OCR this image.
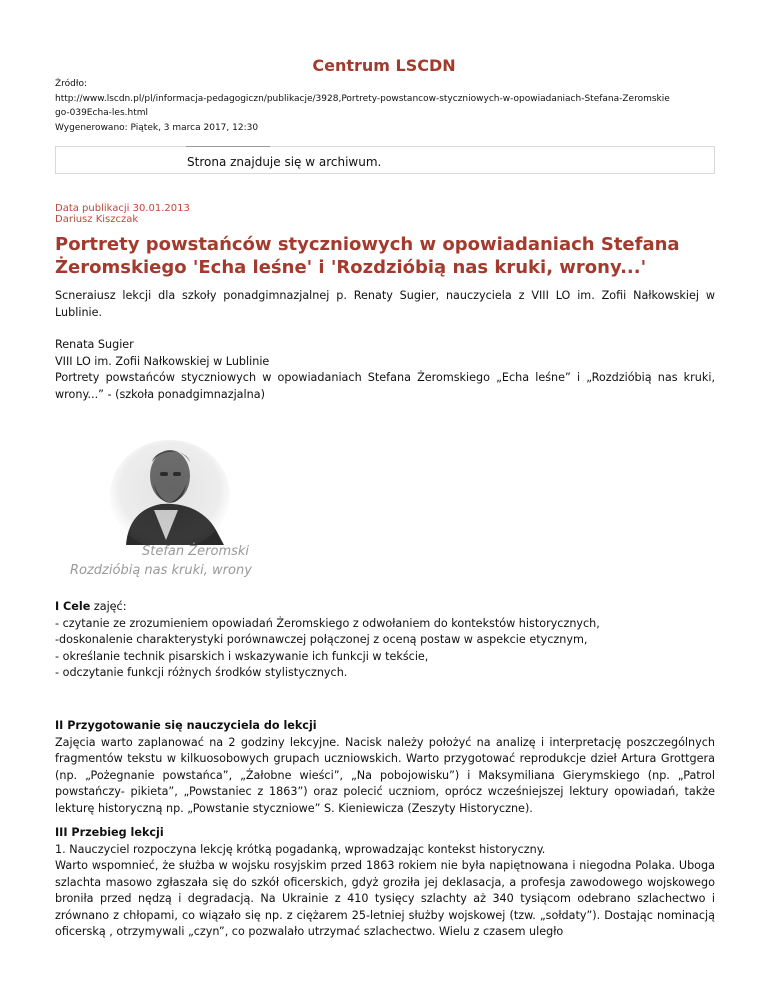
Centrum LSCDN
Źródło:
http://www.lscdn.pl/pl/informacja-pedagogiczn/publikacje/3928,Portrety-powstancow-styczniowych-w-opowiadaniach-Stefana-Zeromskie
go-039Echa-les.html
Wygenerowano: Piątek, 3 marca 2017, 12:30
Strona znajduje się w archiwum.
Data publikacji 30.01.2013
Dariusz Kiszczak
Portrety powstańców styczniowych w opowiadaniach Stefana Żeromskiego 'Echa leśne' i 'Rozdzióbią nas kruki, wrony...'
Scneraiusz lekcji dla szkoły ponadgimnazjalnej p. Renaty Sugier, nauczyciela z VIII LO im. Zofii Nałkowskiej w Lublinie.
Renata Sugier
VIII LO im. Zofii Nałkowskiej w Lublinie
Portrety powstańców styczniowych w opowiadaniach Stefana Żeromskiego „Echa leśne” i „Rozdzióbią nas kruki, wrony...” - (szkoła ponadgimnazjalna)
Stefan Żeromski
Rozdzióbią nas kruki, wrony
I Cele zajęć:
- czytanie ze zrozumieniem opowiadań Żeromskiego z odwołaniem do kontekstów historycznych,
-doskonalenie charakterystyki porównawczej połączonej z oceną postaw w aspekcie etycznym,
- określanie technik pisarskich i wskazywanie ich funkcji w tekście,
- odczytanie funkcji różnych środków stylistycznych.
II Przygotowanie się nauczyciela do lekcji
Zajęcia warto zaplanować na 2 godziny lekcyjne. Nacisk należy położyć na analizę i interpretację poszczególnych fragmentów tekstu w kilkuosobowych grupach uczniowskich. Warto przygotować reprodukcje dzieł Artura Grottgera (np. „Pożegnanie powstańca”, „Żałobne wieści”, „Na pobojowisku”) i Maksymiliana Gierymskiego (np. „Patrol powstańczy- pikieta”, „Powstaniec z 1863”) oraz polecić uczniom, oprócz wcześniejszej lektury opowiadań, także lekturę historyczną np. „Powstanie styczniowe” S. Kieniewicza (Zeszyty Historyczne).
III Przebieg lekcji
1. Nauczyciel rozpoczyna lekcję krótką pogadanką, wprowadzając kontekst historyczny.
Warto wspomnieć, że służba w wojsku rosyjskim przed 1863 rokiem nie była napiętnowana i niegodna Polaka. Uboga szlachta masowo zgłaszała się do szkół oficerskich, gdyż groziła jej deklasacja, a profesja zawodowego wojskowego broniła przed nędzą i degradacją. Na Ukrainie z 410 tysięcy szlachty aż 340 tysiącom odebrano szlachectwo i zrównano z chłopami, co wiązało się np. z ciężarem 25-letniej służby wojskowej (tzw. „sołdaty”). Dostając nominacją oficerską , otrzymywali „czyn”, co pozwalało utrzymać szlachectwo. Wielu z czasem uległo
